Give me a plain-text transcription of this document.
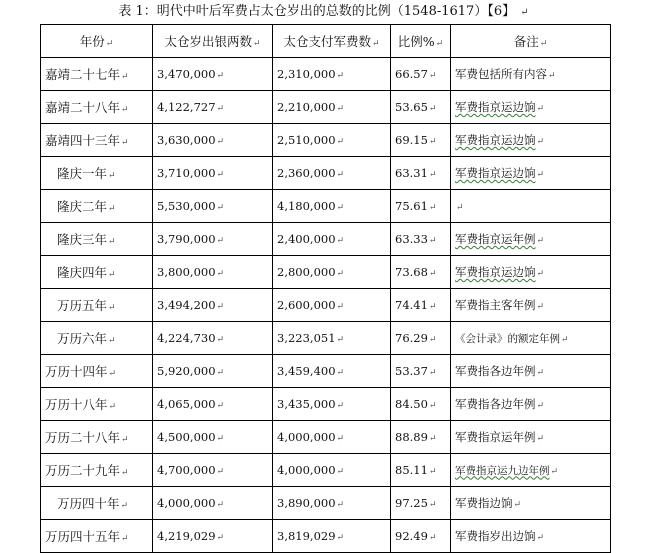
表 1：明代中叶后军费占太仓岁出的总数的比例（1548-1617）【6】 ↵
年份↵	太仓岁出银两数↵	太仓支付军费数↵	比例%↵	备注↵
嘉靖二十七年↵	3,470,000↵	2,310,000↵	66.57↵	军费包括所有内容↵
嘉靖二十八年↵	4,122,727↵	2,210,000↵	53.65↵	军费指京运边饷↵
嘉靖四十三年↵	3,630,000↵	2,510,000↵	69.15↵	军费指京运边饷↵
隆庆一年↵	3,710,000↵	2,360,000↵	63.31↵	军费指京运边饷↵
隆庆二年↵	5,530,000↵	4,180,000↵	75.61↵	↵
隆庆三年↵	3,790,000↵	2,400,000↵	63.33↵	军费指京运年例↵
隆庆四年↵	3,800,000↵	2,800,000↵	73.68↵	军费指京运边饷↵
万历五年↵	3,494,200↵	2,600,000↵	74.41↵	军费指主客年例↵
万历六年↵	4,224,730↵	3,223,051↵	76.29↵	《会计录》的额定年例↵
万历十四年↵	5,920,000↵	3,459,400↵	53.37↵	军费指各边年例↵
万历十八年↵	4,065,000↵	3,435,000↵	84.50↵	军费指各边年例↵
万历二十八年↵	4,500,000↵	4,000,000↵	88.89↵	军费指京运年例↵
万历二十九年↵	4,700,000↵	4,000,000↵	85.11↵	军费指京运九边年例↵
万历四十年↵	4,000,000↵	3,890,000↵	97.25↵	军费指边饷↵
万历四十五年↵	4,219,029↵	3,819,029↵	92.49↵	军费指岁出边饷↵
